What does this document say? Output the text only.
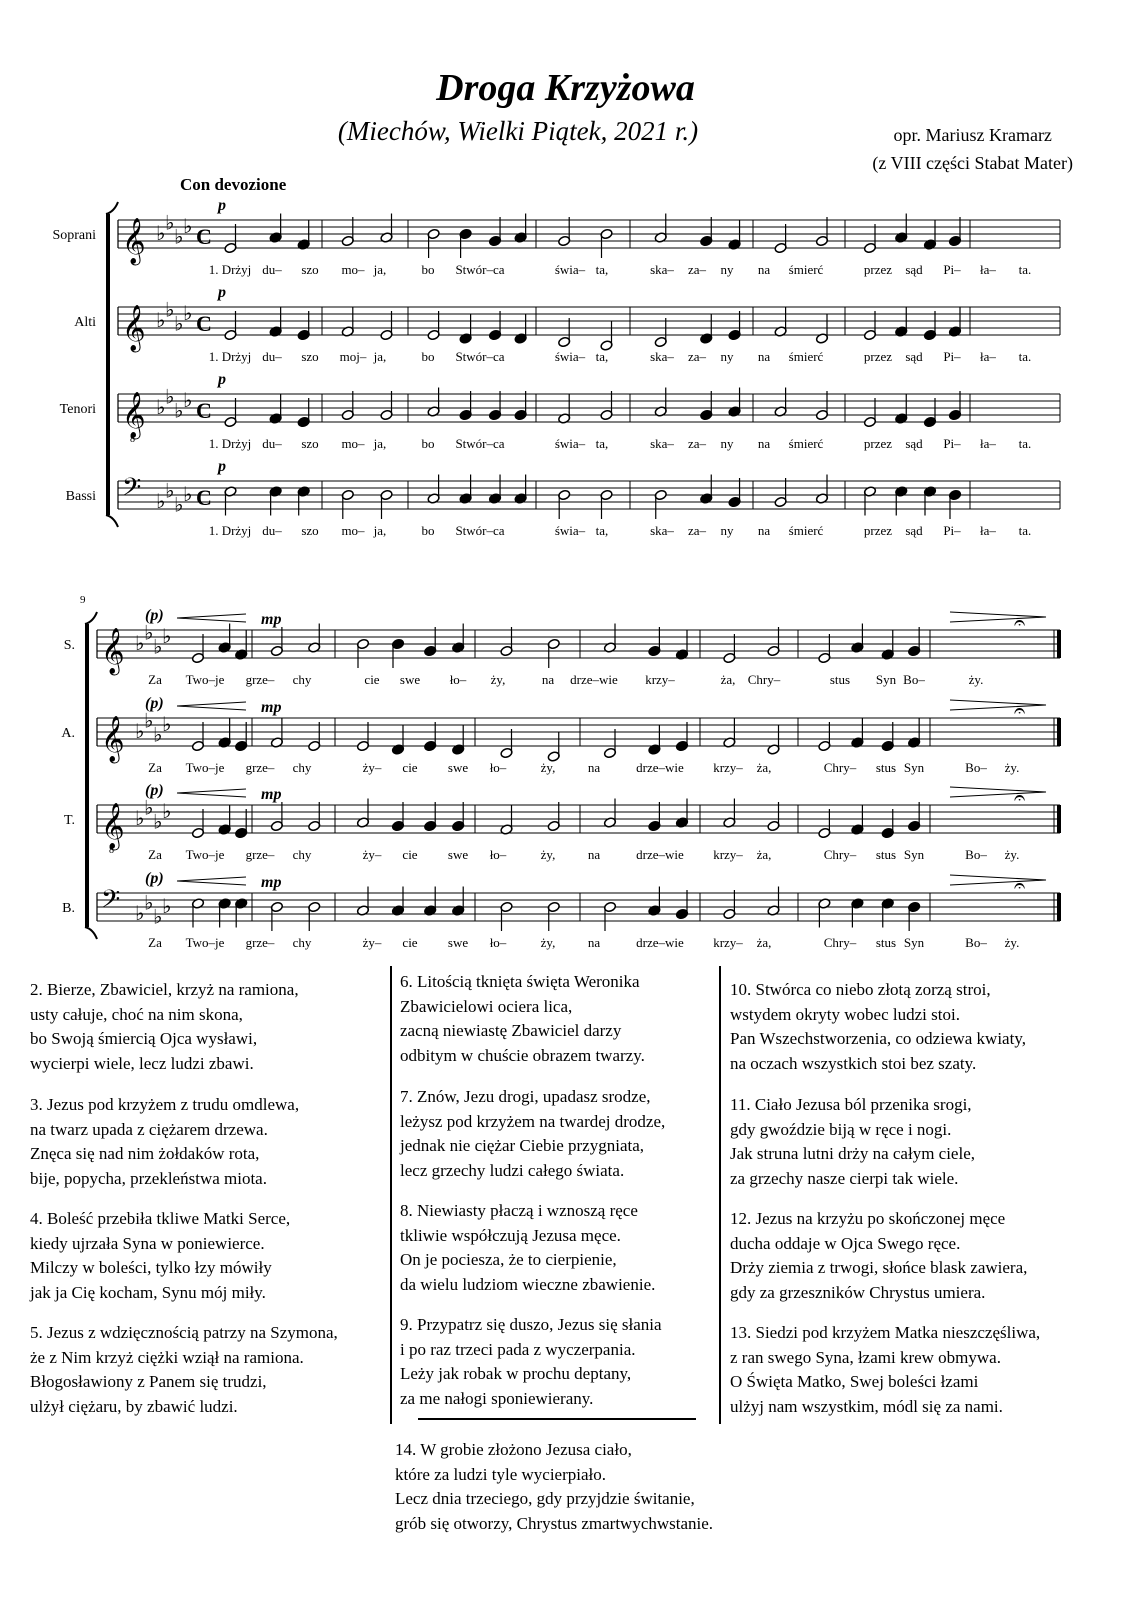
Droga Krzyżowa
(Miechów, Wielki Piątek, 2021 r.)	opr. Mariusz Kramarz
(z VIII części Stabat Mater)
Con devozione
𝄞 ♭ ♭
♭ ♭ C
Soprani
p
1. Drżyj du– szo mo– ja,	bo Stwór–ca	świa– ta,	ska– za– ny na śmierć	przez sąd Pi– ła– ta.
𝄞 ♭ ♭
♭ ♭ C
Alti
p
1. Drżyj du– szo moj– ja,	bo Stwór–ca	świa– ta,	ska– za– ny na śmierć	przez sąd Pi– ła– ta.
𝄞
8
♭ ♭
♭ ♭ C
Tenori
p
1. Drżyj du– szo mo– ja,	bo Stwór–ca	świa– ta,	ska– za– ny na śmierć	przez sąd Pi– ła– ta.
𝄢 ♭ ♭
♭ ♭ C
Bassi
p
1. Drżyj du– szo mo– ja,	bo Stwór–ca	świa– ta,	ska– za– ny na śmierć	przez sąd Pi– ła– ta.
𝄞 ♭ ♭
♭ ♭
S.
(p)	mp	𝄐
Za Two–je grze– chy	cie swe ło– ży,	na drze–wie krzy–	ża, Chry–	stus Syn Bo–	ży.
𝄞 ♭ ♭
♭ ♭
A.
(p)	mp	𝄐
Za Two–je grze– chy	ży– cie swe ło–	ży,	na	drze–wie krzy– ża,	Chry– stus Syn	Bo– ży.
𝄞
8
♭ ♭
♭ ♭
T.
(p)	mp	𝄐
Za Two–je grze– chy	ży– cie swe ło–	ży,	na	drze–wie krzy– ża,	Chry– stus Syn	Bo– ży.
𝄢 ♭ ♭
♭ ♭
B.
(p)	mp	𝄐
Za Two–je grze– chy	ży– cie swe ło–	ży,	na	drze–wie krzy– ża,	Chry– stus Syn	Bo– ży.
9
2. Bierze, Zbawiciel, krzyż na ramiona,
usty całuje, choć na nim skona,
bo Swoją śmiercią Ojca wysławi,
wycierpi wiele, lecz ludzi zbawi.
3. Jezus pod krzyżem z trudu omdlewa,
na twarz upada z ciężarem drzewa.
Znęca się nad nim żołdaków rota,
bije, popycha, przekleństwa miota.
4. Boleść przebiła tkliwe Matki Serce,
kiedy ujrzała Syna w poniewierce.
Milczy w boleści, tylko łzy mówiły
jak ja Cię kocham, Synu mój miły.
5. Jezus z wdzięcznością patrzy na Szymona,
że z Nim krzyż ciężki wziął na ramiona.
Błogosławiony z Panem się trudzi,
ulżył ciężaru, by zbawić ludzi.
6. Litością tknięta święta Weronika
Zbawicielowi ociera lica,
zacną niewiastę Zbawiciel darzy
odbitym w chuście obrazem twarzy.
7. Znów, Jezu drogi, upadasz srodze,
leżysz pod krzyżem na twardej drodze,
jednak nie ciężar Ciebie przygniata,
lecz grzechy ludzi całego świata.
8. Niewiasty płaczą i wznoszą ręce
tkliwie współczują Jezusa męce.
On je pociesza, że to cierpienie,
da wielu ludziom wieczne zbawienie.
9. Przypatrz się duszo, Jezus się słania
i po raz trzeci pada z wyczerpania.
Leży jak robak w prochu deptany,
za me nałogi sponiewierany.
10. Stwórca co niebo złotą zorzą stroi,
wstydem okryty wobec ludzi stoi.
Pan Wszechstworzenia, co odziewa kwiaty,
na oczach wszystkich stoi bez szaty.
11. Ciało Jezusa ból przenika srogi,
gdy gwoździe biją w ręce i nogi.
Jak struna lutni drży na całym ciele,
za grzechy nasze cierpi tak wiele.
12. Jezus na krzyżu po skończonej męce
ducha oddaje w Ojca Swego ręce.
Drży ziemia z trwogi, słońce blask zawiera,
gdy za grzeszników Chrystus umiera.
13. Siedzi pod krzyżem Matka nieszczęśliwa,
z ran swego Syna, łzami krew obmywa.
O Święta Matko, Swej boleści łzami
ulżyj nam wszystkim, módl się za nami.
14. W grobie złożono Jezusa ciało,
które za ludzi tyle wycierpiało.
Lecz dnia trzeciego, gdy przyjdzie świtanie,
grób się otworzy, Chrystus zmartwychwstanie.
